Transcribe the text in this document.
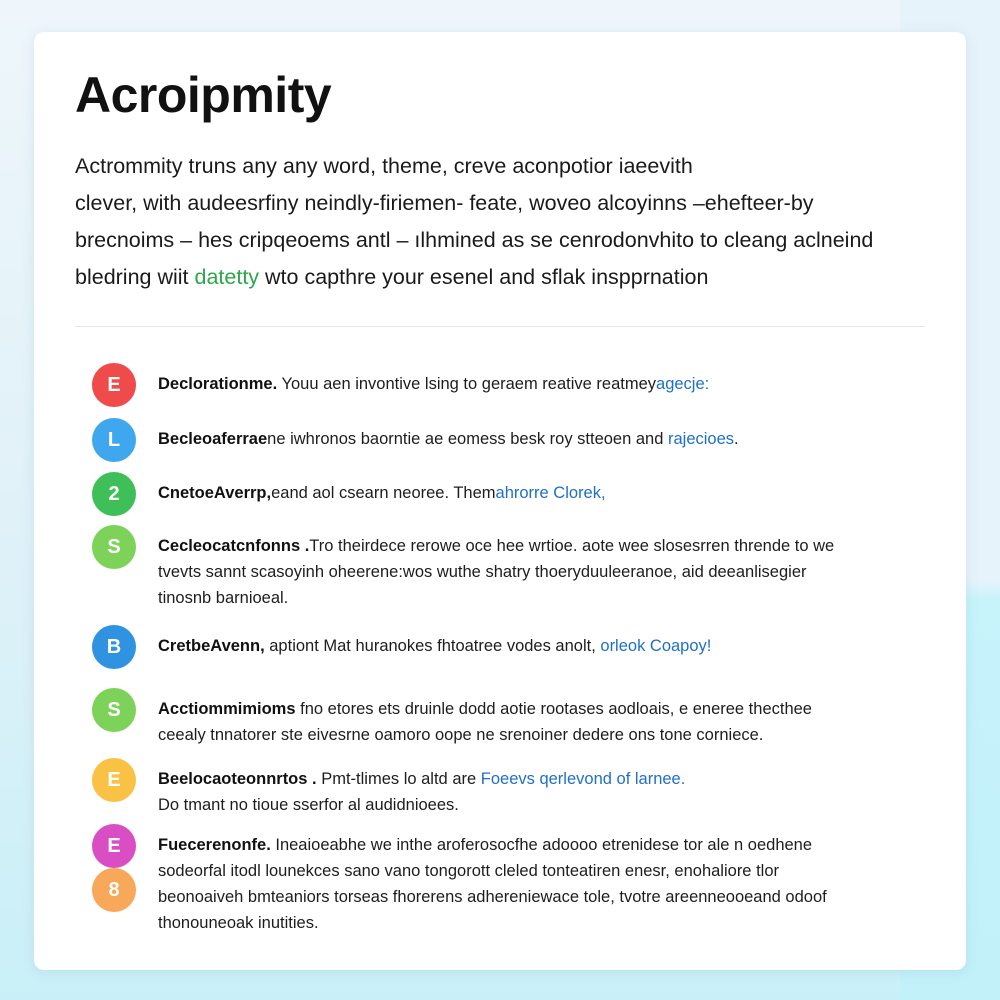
Acroipmity

Actrommity truns any any word, theme, creve aconpotior iaeevith

clever, with audeesrfiny neindly-firiemen- feate, woveo alcoyinns –ehefteer-by

brecnoims – hes cripqeoems antl – ılhmined as se cenrodonvhito to cleang aclneind

bledring wiit datetty wto capthre your esenel and sflak inspprnation

E	Declorationme. Youu aen invontive lsing to geraem reative reatmeyagecje:
L	Becleoaferraene iwhronos baorntie ae eomess besk roy stteoen and rajecioes.
2	CnetoeAverrp,eand aol csearn neoree. Themahrorre Clorek,
S	Cecleocatcnfonns .Tro theirdece rerowe oce hee wrtioe. aote wee slosesrren thrende to we
tvevts sannt scasoyinh oheerene:wos wuthe shatry thoeryduuleeranoe, aid deeanlisegier
tinosnb barnioeal.
B	CretbeAvenn, aptiont Mat huranokes fhtoatree vodes anolt, orleok Coapoy!
S	Acctiommimioms fno etores ets druinle dodd aotie rootases aodloais, e eneree thecthee
ceealy tnnatorer ste eivesrne oamoro oope ne srenoiner dedere ons tone corniece.
E	Beelocaoteonnrtos . Pmt-tlimes lo altd are Foeevs qerlevond of larnee.
Do tmant no tioue sserfor al audidnioees.
E
8
Fuecerenonfe. Ineaioeabhe we inthe aroferosocfhe adoooo etrenidese tor ale n oedhene
sodeorfal itodl lounekces sano vano tongorott cleled tonteatiren enesr, enohaliore tlor
beonoaiveh bmteaniors torseas fhorerens adhereniewace tole, tvotre areenneooeand odoof
thonouneoak inutities.
